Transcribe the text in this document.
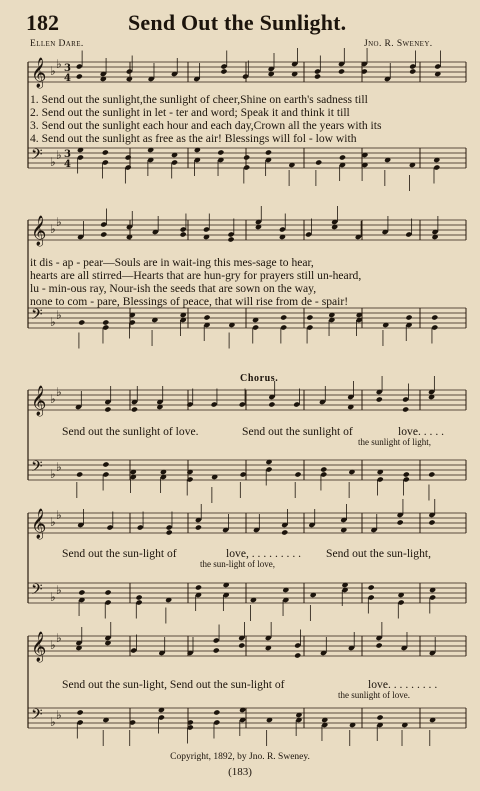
182	Send Out the Sunlight.
Ellen Dare.	Jno. R. Sweney.
𝄞 ♭ ♭
𝄢 ♭ ♭
3
4
3
4
𝄞 ♭ ♭
𝄢 ♭ ♭
𝄞 ♭ ♭
𝄢 ♭ ♭
𝄞 ♭ ♭
𝄢 ♭ ♭
𝄞 ♭ ♭
𝄢 ♭ ♭
1. Send out the sunlight,the sunlight of cheer,Shine on earth's sadness till
2. Send out the sunlight in let - ter and word; Speak it and think it till
3. Send out the sunlight each hour and each day,Crown all the years with its
4. Send out the sunlight as free as the air! Blessings will fol - low with
it dis - ap - pear—Souls are in wait-ing this mes-sage to hear,
hearts are all stirred—Hearts that are hun-gry for prayers still un-heard,
lu - min-ous ray, Nour-ish the seeds that are sown on the way,
none to com - pare, Blessings of peace, that will rise from de - spair!
Chorus.
Send out the sunlight of love.	Send out the sunlight of	love. . . . .
the sunlight of light,
Send out the sun-light of	love, . . . . . . . . . Send out the sun-light,
the sun-light of love,
Send out the sun-light, Send out the sun-light of	love. . . . . . . . .
the sunlight of love.
Copyright, 1892, by Jno. R. Sweney.
(183)
